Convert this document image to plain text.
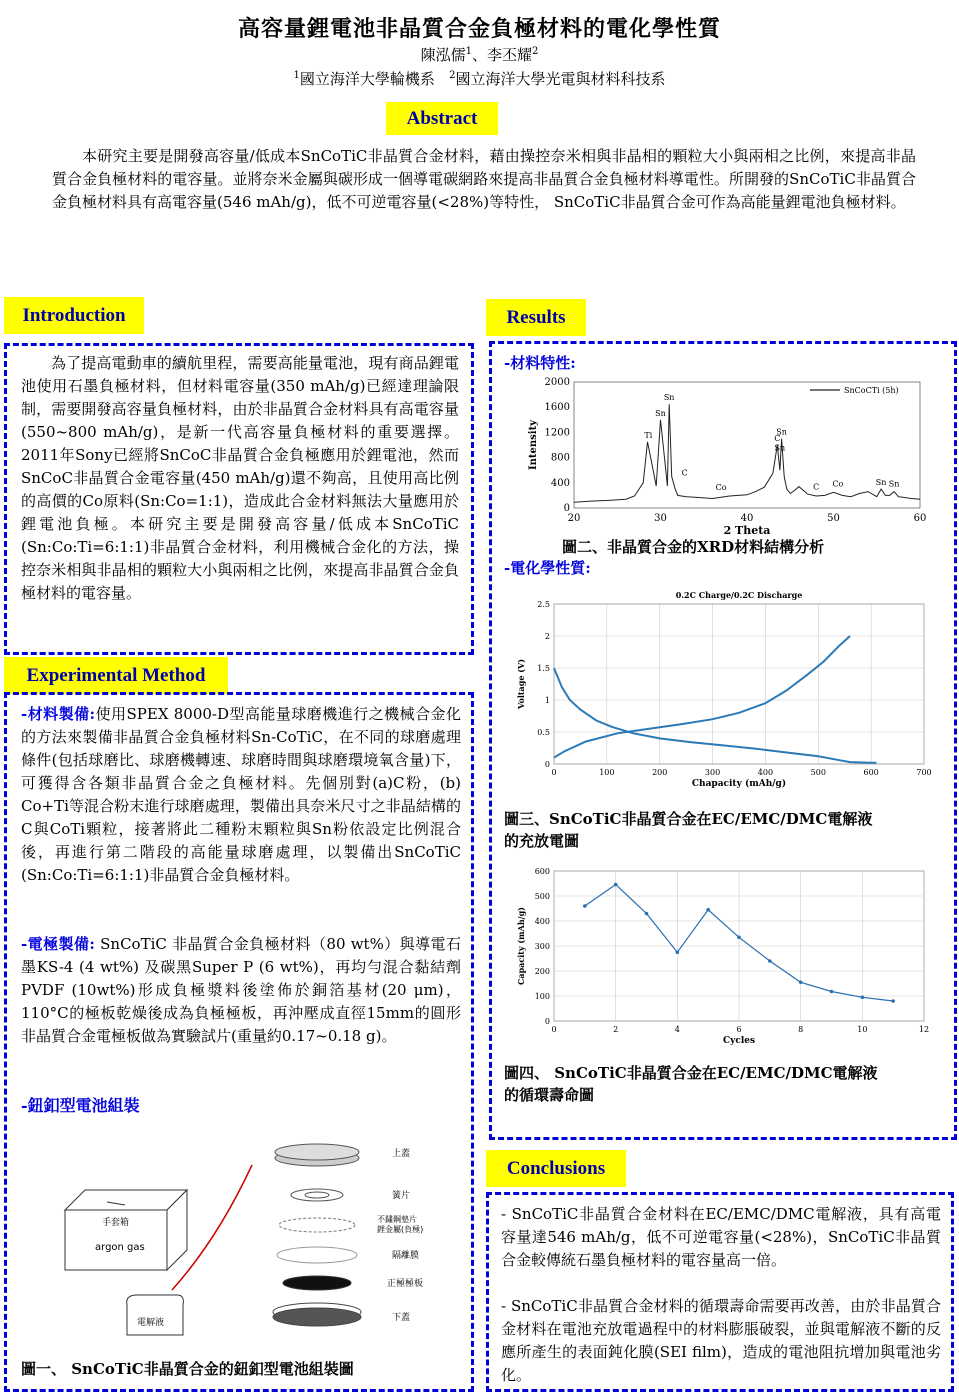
高容量鋰電池非晶質合金負極材料的電化學性質
陳泓儒$^1$、李丕耀$^2$
$^1$國立海洋大學輪機系 $^2$國立海洋大學光電與材料科技系
Abstract
本研究主要是開發高容量/低成本SnCoTiC非晶質合金材料，藉由操控奈米相與非晶相的顆粒大小與兩相之比例，來提高非晶質合金負極材料的電容量。並將奈米金屬與碳形成一個導電碳網路來提高非晶質合金負極材料導電性。所開發的SnCoTiC非晶質合金負極材料具有高電容量(546 mAh/g)，低不可逆電容量(<28%)等特性， SnCoTiC非晶質合金可作為高能量鋰電池負極材料。
Introduction
為了提高電動車的續航里程，需要高能量電池，現有商品鋰電池使用石墨負極材料，但材料電容量(350 mAh/g)已經達理論限制，需要開發高容量負極材料，由於非晶質合金材料具有高電容量(550~800 mAh/g)，是新一代高容量負極材料的重要選擇。2011年Sony已經將SnCoC非晶質合金負極應用於鋰電池，然而SnCoC非晶質合金電容量(450 mAh/g)還不夠高，且使用高比例的高價的Co原料(Sn:Co=1:1)，造成此合金材料無法大量應用於鋰電池負極。本研究主要是開發高容量/低成本SnCoTiC (Sn:Co:Ti=6:1:1)非晶質合金材料，利用機械合金化的方法，操控奈米相與非晶相的顆粒大小與兩相之比例，來提高非晶質合金負極材料的電容量。
Experimental Method
-材料製備:使用SPEX 8000-D型高能量球磨機進行之機械合金化的方法來製備非晶質合金負極材料Sn-CoTiC，在不同的球磨處理條件(包括球磨比、球磨機轉速、球磨時間與球磨環境氧含量)下，可獲得含各類非晶質合金之負極材料。先個別對(a)C粉，(b) Co+Ti等混合粉末進行球磨處理，製備出具奈米尺寸之非晶結構的C與CoTi顆粒，接著將此二種粉末顆粒與Sn粉依設定比例混合後，再進行第二階段的高能量球磨處理，以製備出SnCoTiC (Sn:Co:Ti=6:1:1)非晶質合金負極材料。
-電極製備: SnCoTiC 非晶質合金負極材料（80 wt%）與導電石墨KS-4 (4 wt%) 及碳黑Super P (6 wt%)，再均勻混合黏結劑PVDF (10wt%)形成負極漿料後塗佈於銅箔基材(20 μm)，110°C的極板乾燥後成為負極極板，再沖壓成直徑15mm的圓形非晶質合金電極板做為實驗試片(重量約0.17~0.18 g)。
-鈕釦型電池組裝
手套箱
argon gas
電解液
上蓋
簧片
不鏽鋼墊片
鋰金屬(負極)
隔離膜
正極極板
下蓋
圖一、 SnCoTiC非晶質合金的鈕釦型電池組裝圖
Results
-材料特性:
20	30	40	50	60
0
400
800
1200
1600
2000
2 Theta
Intensity
SnCoCTi (5h)
Ti
Sn
Sn
C
Co
C
Sn
Sn
C Co	Sn Sn
圖二、非晶質合金的XRD材料結構分析
-電化學性質:
0	100	200	300	400	500	600	700
0
0.5
1
1.5
2
2.5
Chapacity (mAh/g)
Voltage (V)
0.2C Charge/0.2C Discharge
圖三、SnCoTiC非晶質合金在EC/EMC/DMC電解液
的充放電圖
0	2	4	6	8	10	12
0
100
200
300
400
500
600
Cycles
Capacity (mAh/g)
圖四、 SnCoTiC非晶質合金在EC/EMC/DMC電解液
的循環壽命圖
Conclusions
- SnCoTiC非晶質合金材料在EC/EMC/DMC電解液，具有高電容量達546 mAh/g，低不可逆電容量(<28%)，SnCoTiC非晶質合金較傳統石墨負極材料的電容量高一倍。
- SnCoTiC非晶質合金材料的循環壽命需要再改善，由於非晶質合金材料在電池充放電過程中的材料膨脹破裂，並與電解液不斷的反應所產生的表面鈍化膜(SEI film)，造成的電池阻抗增加與電池劣化。
